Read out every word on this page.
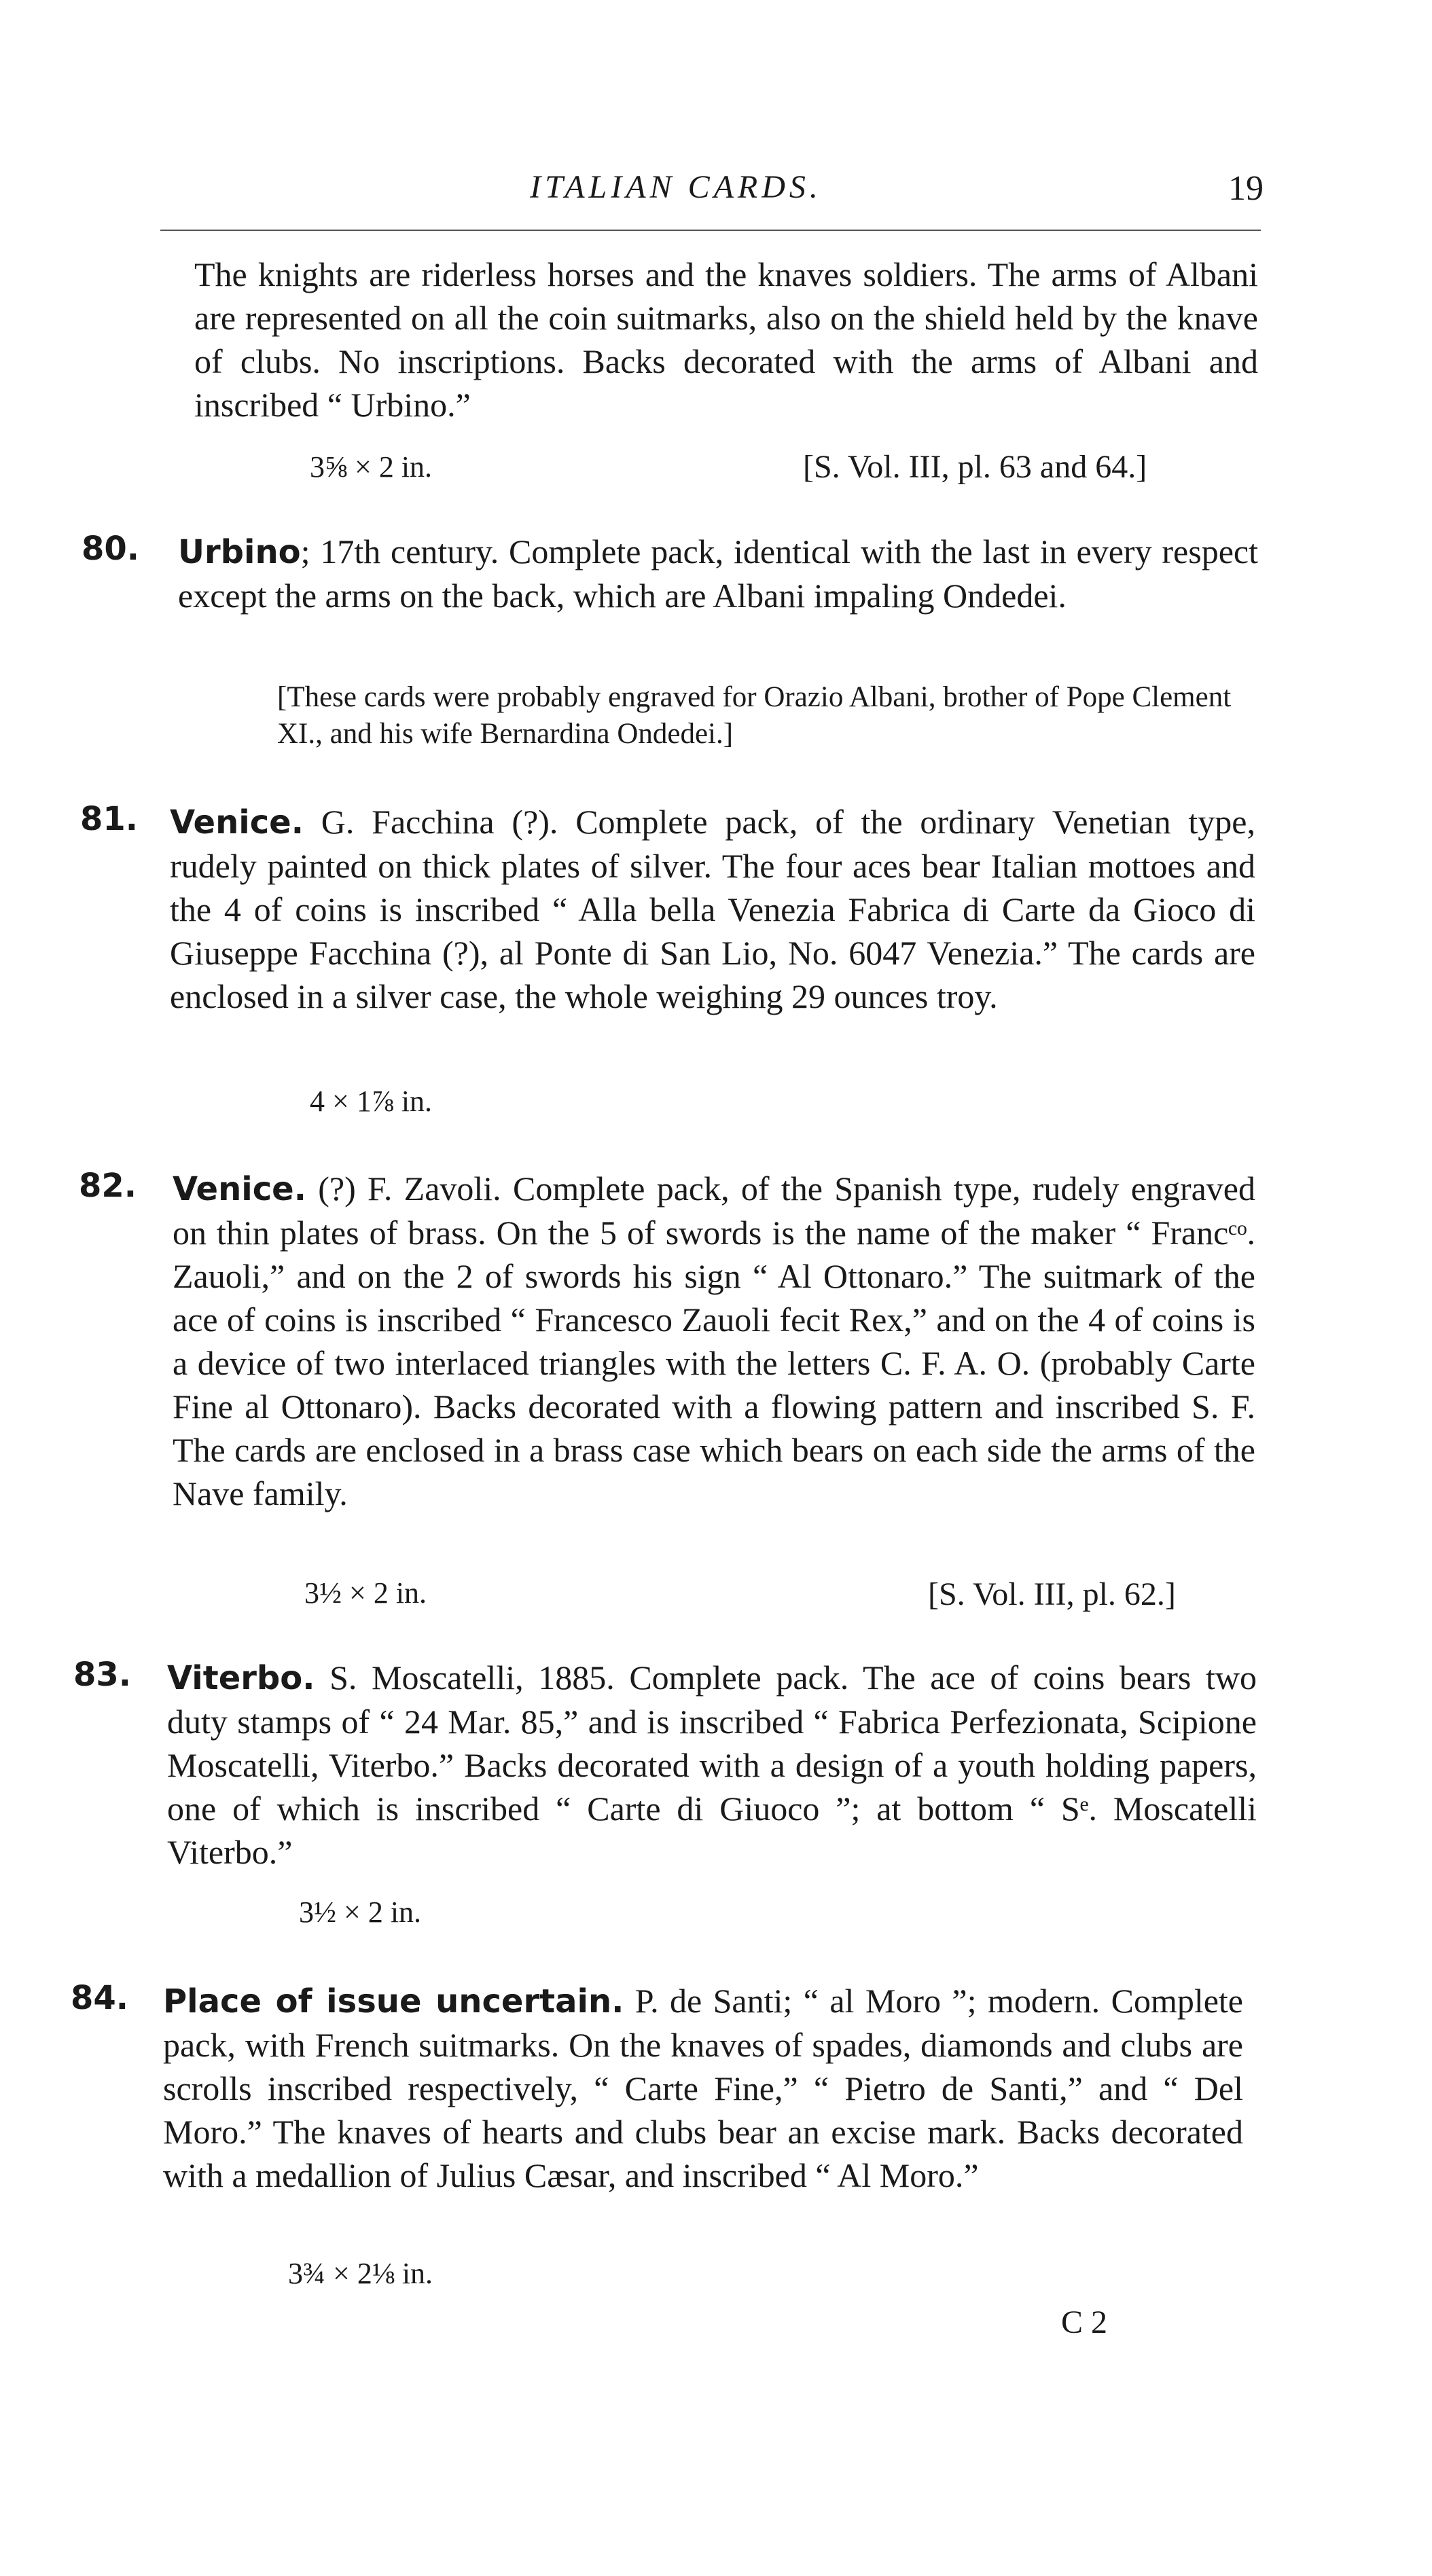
ITALIAN CARDS.	19

The knights are riderless horses and the knaves soldiers. The arms of Albani are represented on all the coin suitmarks, also on the shield held by the knave of clubs. No inscriptions. Backs decorated with the arms of Albani and inscribed “ Urbino.”

3⅝ × 2 in.	[S. Vol. III, pl. 63 and 64.]
80. Urbino; 17th century. Complete pack, identical with the last in every respect except the arms on the back, which are Albani impaling Ondedei.

[These cards were probably engraved for Orazio Albani, brother of Pope Clement XI., and his wife Bernardina Ondedei.]

81. Venice. G. Facchina (?). Complete pack, of the ordinary Venetian type, rudely painted on thick plates of silver. The four aces bear Italian mottoes and the 4 of coins is inscribed “ Alla bella Venezia Fabrica di Carte da Gioco di Giuseppe Facchina (?), al Ponte di San Lio, No. 6047 Venezia.” The cards are enclosed in a silver case, the whole weighing 29 ounces troy.

4 × 1⅞ in.
82. Venice. (?) F. Zavoli. Complete pack, of the Spanish type, rudely engraved on thin plates of brass. On the 5 of swords is the name of the maker “ Francᶜᵒ. Zauoli,” and on the 2 of swords his sign “ Al Ottonaro.” The suitmark of the ace of coins is inscribed “ Francesco Zauoli fecit Rex,” and on the 4 of coins is a device of two interlaced triangles with the letters C. F. A. O. (probably Carte Fine al Ottonaro). Backs decorated with a flowing pattern and inscribed S. F. The cards are enclosed in a brass case which bears on each side the arms of the Nave family.

3½ × 2 in.	[S. Vol. III, pl. 62.]
83. Viterbo. S. Moscatelli, 1885. Complete pack. The ace of coins bears two duty stamps of “ 24 Mar. 85,” and is inscribed “ Fabrica Perfezionata, Scipione Moscatelli, Viterbo.” Backs decorated with a design of a youth holding papers, one of which is inscribed “ Carte di Giuoco ”; at bottom “ Sᵉ. Moscatelli Viterbo.”

3½ × 2 in.
84. Place of issue uncertain. P. de Santi; “ al Moro ”; modern. Complete pack, with French suitmarks. On the knaves of spades, diamonds and clubs are scrolls inscribed respectively, “ Carte Fine,” “ Pietro de Santi,” and “ Del Moro.” The knaves of hearts and clubs bear an excise mark. Backs decorated with a medallion of Julius Cæsar, and inscribed “ Al Moro.”

3¾ × 2⅛ in.
C 2
